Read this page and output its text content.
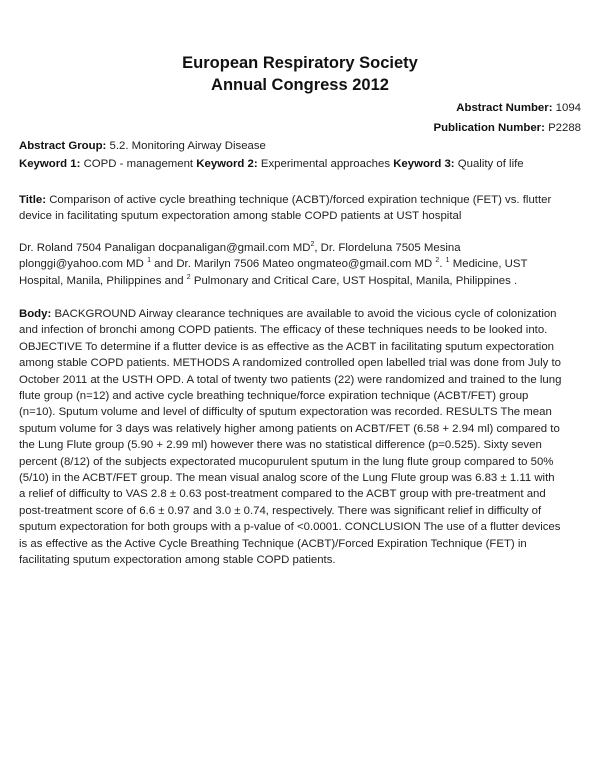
European Respiratory Society
Annual Congress 2012
Abstract Number: 1094
Publication Number: P2288
Abstract Group: 5.2. Monitoring Airway Disease
Keyword 1: COPD - management Keyword 2: Experimental approaches Keyword 3: Quality of life
Title: Comparison of active cycle breathing technique (ACBT)/forced expiration technique (FET) vs. flutter
device in facilitating sputum expectoration among stable COPD patients at UST hospital
Dr. Roland 7504 Panaligan docpanaligan@gmail.com $MD^2$, Dr. Flordeluna 7505 Mesina
plonggi@yahoo.com MD $^1$ and Dr. Marilyn 7506 Mateo ongmateo@gmail.com MD $^2$. $^1$ Medicine, UST
Hospital, Manila, Philippines and $^2$ Pulmonary and Critical Care, UST Hospital, Manila, Philippines .
Body: BACKGROUND Airway clearance techniques are available to avoid the vicious cycle of colonization
and infection of bronchi among COPD patients. The efficacy of these techniques needs to be looked into.
OBJECTIVE To determine if a flutter device is as effective as the ACBT in facilitating sputum expectoration
among stable COPD patients. METHODS A randomized controlled open labelled trial was done from July to
October 2011 at the USTH OPD. A total of twenty two patients (22) were randomized and trained to the lung
flute group (n=12) and active cycle breathing technique/force expiration technique (ACBT/FET) group
(n=10). Sputum volume and level of difficulty of sputum expectoration was recorded. RESULTS The mean
sputum volume for 3 days was relatively higher among patients on ACBT/FET (6.58 + 2.94 ml) compared to
the Lung Flute group (5.90 + 2.99 ml) however there was no statistical difference (p=0.525). Sixty seven
percent (8/12) of the subjects expectorated mucopurulent sputum in the lung flute group compared to 50%
(5/10) in the ACBT/FET group. The mean visual analog score of the Lung Flute group was 6.83 ± 1.11 with
a relief of difficulty to VAS 2.8 ± 0.63 post-treatment compared to the ACBT group with pre-treatment and
post-treatment score of 6.6 ± 0.97 and 3.0 ± 0.74, respectively. There was significant relief in difficulty of
sputum expectoration for both groups with a p-value of <0.0001. CONCLUSION The use of a flutter devices
is as effective as the Active Cycle Breathing Technique (ACBT)/Forced Expiration Technique (FET) in
facilitating sputum expectoration among stable COPD patients.
